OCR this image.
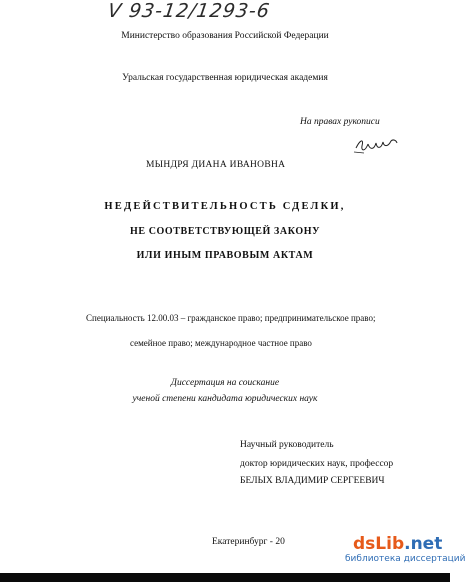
V 93-12/1293-6
Министерство образования Российской Федерации
Уральская государственная юридическая академия
На правах рукописи
МЫНДРЯ ДИАНА ИВАНОВНА
НЕДЕЙСТВИТЕЛЬНОСТЬ СДЕЛКИ,
НЕ СООТВЕТСТВУЮЩЕЙ ЗАКОНУ
ИЛИ ИНЫМ ПРАВОВЫМ АКТАМ
Специальность 12.00.03 – гражданское право; предпринимательское право;
семейное право; международное частное право
Диссертация на соискание
ученой степени кандидата юридических наук
Научный руководитель
доктор юридических наук, профессор
БЕЛЫХ ВЛАДИМИР СЕРГЕЕВИЧ
Екатеринбург - 20	dsLib.net
библиотека диссертаций
